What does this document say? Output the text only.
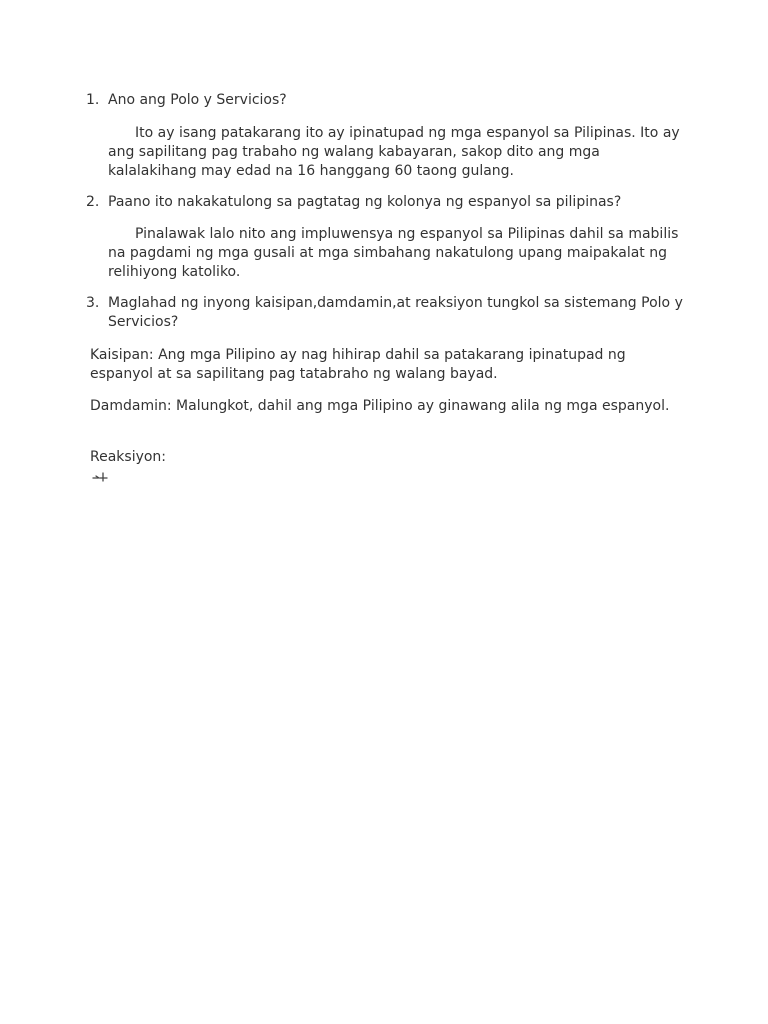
1. Ano ang Polo y Servicios?
Ito ay isang patakarang ito ay ipinatupad ng mga espanyol sa Pilipinas. Ito ay
ang sapilitang pag trabaho ng walang kabayaran, sakop dito ang mga
kalalakihang may edad na 16 hanggang 60 taong gulang.
2. Paano ito nakakatulong sa pagtatag ng kolonya ng espanyol sa pilipinas?
Pinalawak lalo nito ang impluwensya ng espanyol sa Pilipinas dahil sa mabilis
na pagdami ng mga gusali at mga simbahang nakatulong upang maipakalat ng
relihiyong katoliko.
3. Maglahad ng inyong kaisipan,damdamin,at reaksiyon tungkol sa sistemang Polo y
Servicios?
Kaisipan: Ang mga Pilipino ay nag hihirap dahil sa patakarang ipinatupad ng
espanyol at sa sapilitang pag tatabraho ng walang bayad.
Damdamin: Malungkot, dahil ang mga Pilipino ay ginawang alila ng mga espanyol.

Reaksiyon:
